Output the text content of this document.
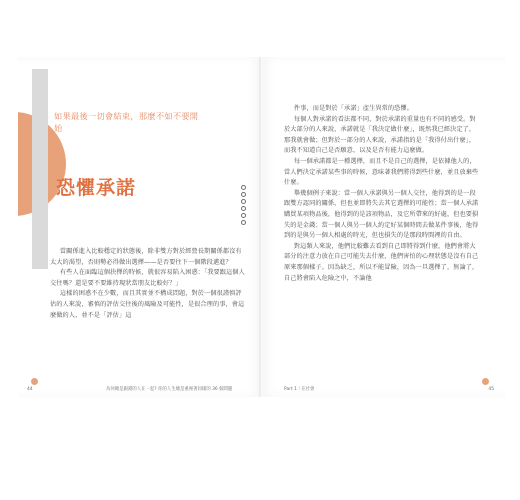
如果最後一切會結束，那麼不如不要開始
恐懼承諾

當關係進入比較穩定的狀態後，除非雙方對於經營長期關係都沒有太大的渴望，否則勢必得做出選擇——是否要往下一個階段邁進？

有些人在面臨這個抉擇的時候，就很容易陷入困惑：「我要跟這個人交往嗎？還是要不要維持現狀當朋友比較好？」

這樣的困惑不在少數，而且其實並不構成問題，對於一個很謹慎評估的人來說，審慎的評估交往後的風險及可能性，是很合理的事，會這麼做的人，並不是「評估」這

44	為何總是跟錯的人在一起? 你的人生總是重複著同樣的 36 個問題

件事，而是對於「承諾」產生異常的恐懼。

每個人對承諾的看法都不同，對於承諾的重量也有不同的感受。對於大部分的人來說，承諾就是「我決定做什麼」，既然我已經決定了，那我就會做；但對於一部分的人來說，承諾指的是「我得付出什麼」，而我不知道自己是否願意，以及是否有能力這麼做。

每一個承諾都是一種選擇，而且不是自己的選擇，是依據他人的，當人們決定承諾某些事的時候，意味著我們將得到些什麼，並且放棄些什麼。

舉幾個例子來說：當一個人承諾與另一個人交往，他得到的是一段跟雙方認同的關係，但也並即將失去其它選擇的可能性；當一個人承諾購買某項物品後，他得到的是該項物品，及它所帶來的好處，但也要損失的是金錢；當一個人與另一個人約定好某個時間去做某件事後，他得到的是與另一個人相處的時光，但也損失的是那段時間裡的自由。

對這類人來說，他們比較難去看到自己即將得到什麼，他們會將大部分的注意力放在自己可能失去什麼，他們害怕的心理狀態是沒有自己原來那個樣子。因為缺乏，所以不能冒險，因為一旦選擇了，無論了，自己將會陷入危險之中，不論他

Part 1｜在社會	45
